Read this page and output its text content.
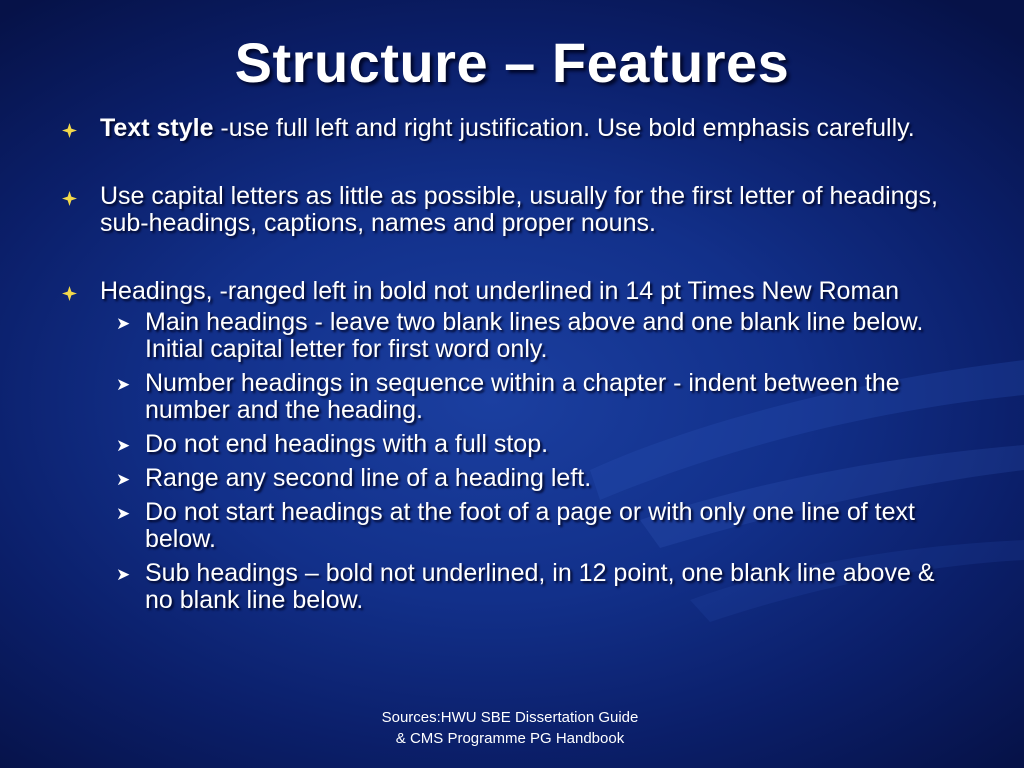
Structure – Features
Text style -use full left and right justification. Use bold emphasis carefully.
Use capital letters as little as possible, usually for the first letter of headings, sub-headings, captions, names and proper nouns.
Headings, -ranged left in bold not underlined in 14 pt Times New Roman
➤ Main headings - leave two blank lines above and one blank line below. Initial capital letter for first word only.
➤ Number headings in sequence within a chapter - indent between the number and the heading.
➤ Do not end headings with a full stop.
➤ Range any second line of a heading left.
➤ Do not start headings at the foot of a page or with only one line of text below.
➤ Sub headings – bold not underlined, in 12 point, one blank line above & no blank line below.
Sources:HWU SBE Dissertation Guide
& CMS Programme PG Handbook
